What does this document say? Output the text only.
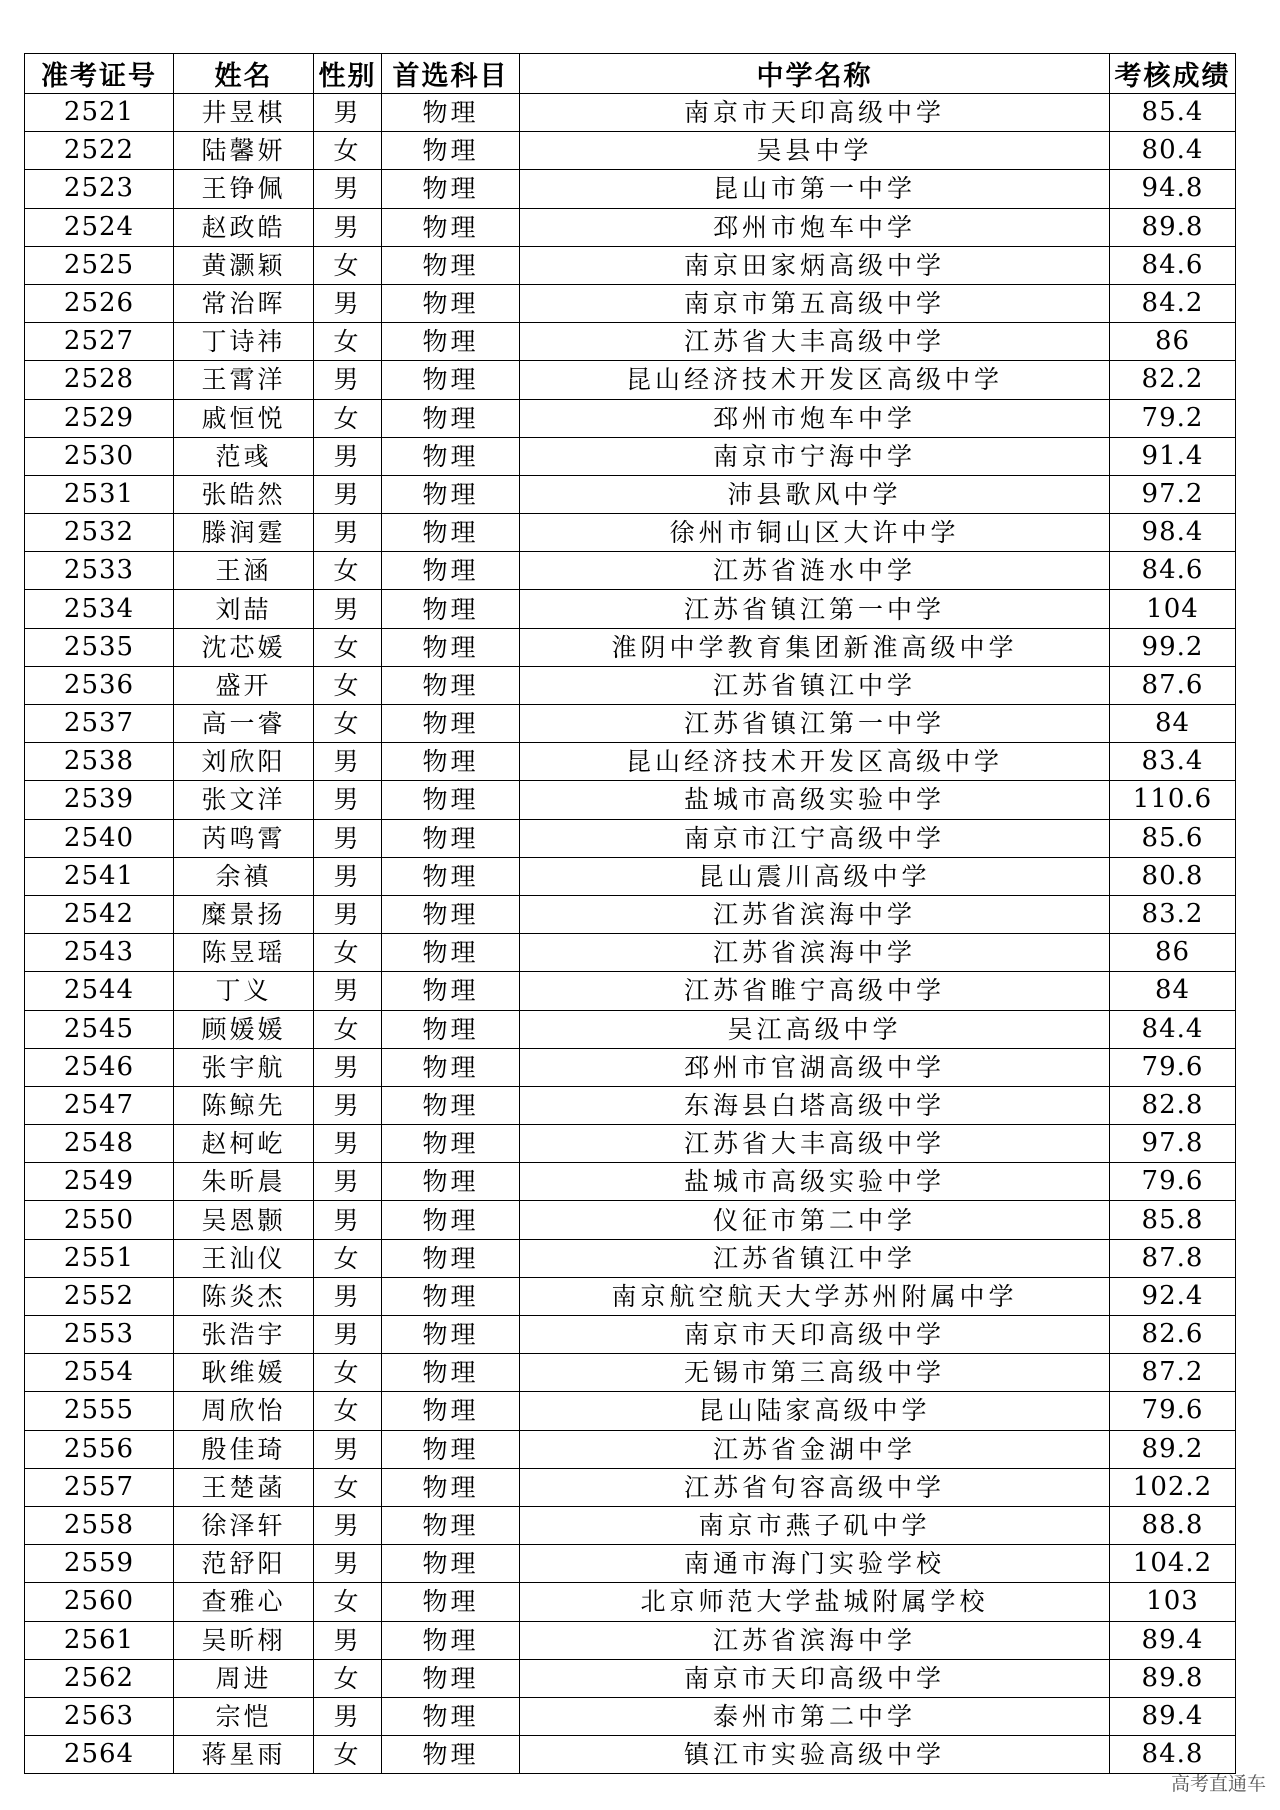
准考证号	姓名	性别	首选科目	中学名称	考核成绩
2521	井昱棋	男	物理	南京市天印高级中学	85.4
2522	陆馨妍	女	物理	吴县中学	80.4
2523	王铮佩	男	物理	昆山市第一中学	94.8
2524	赵政皓	男	物理	邳州市炮车中学	89.8
2525	黄灏颖	女	物理	南京田家炳高级中学	84.6
2526	常治晖	男	物理	南京市第五高级中学	84.2
2527	丁诗祎	女	物理	江苏省大丰高级中学	86
2528	王霄洋	男	物理	昆山经济技术开发区高级中学	82.2
2529	戚恒悦	女	物理	邳州市炮车中学	79.2
2530	范彧	男	物理	南京市宁海中学	91.4
2531	张皓然	男	物理	沛县歌风中学	97.2
2532	滕润霆	男	物理	徐州市铜山区大许中学	98.4
2533	王涵	女	物理	江苏省涟水中学	84.6
2534	刘喆	男	物理	江苏省镇江第一中学	104
2535	沈芯媛	女	物理	淮阴中学教育集团新淮高级中学	99.2
2536	盛开	女	物理	江苏省镇江中学	87.6
2537	高一睿	女	物理	江苏省镇江第一中学	84
2538	刘欣阳	男	物理	昆山经济技术开发区高级中学	83.4
2539	张文洋	男	物理	盐城市高级实验中学	110.6
2540	芮鸣霄	男	物理	南京市江宁高级中学	85.6
2541	余禛	男	物理	昆山震川高级中学	80.8
2542	糜景扬	男	物理	江苏省滨海中学	83.2
2543	陈昱瑶	女	物理	江苏省滨海中学	86
2544	丁义	男	物理	江苏省睢宁高级中学	84
2545	顾媛媛	女	物理	吴江高级中学	84.4
2546	张宇航	男	物理	邳州市官湖高级中学	79.6
2547	陈鲸先	男	物理	东海县白塔高级中学	82.8
2548	赵柯屹	男	物理	江苏省大丰高级中学	97.8
2549	朱昕晨	男	物理	盐城市高级实验中学	79.6
2550	吴恩颢	男	物理	仪征市第二中学	85.8
2551	王汕仪	女	物理	江苏省镇江中学	87.8
2552	陈炎杰	男	物理	南京航空航天大学苏州附属中学	92.4
2553	张浩宇	男	物理	南京市天印高级中学	82.6
2554	耿维媛	女	物理	无锡市第三高级中学	87.2
2555	周欣怡	女	物理	昆山陆家高级中学	79.6
2556	殷佳琦	男	物理	江苏省金湖中学	89.2
2557	王楚菡	女	物理	江苏省句容高级中学	102.2
2558	徐泽轩	男	物理	南京市燕子矶中学	88.8
2559	范舒阳	男	物理	南通市海门实验学校	104.2
2560	查雅心	女	物理	北京师范大学盐城附属学校	103
2561	吴昕栩	男	物理	江苏省滨海中学	89.4
2562	周进	女	物理	南京市天印高级中学	89.8
2563	宗恺	男	物理	泰州市第二中学	89.4
2564	蒋星雨	女	物理	镇江市实验高级中学	84.8
高考直通车
